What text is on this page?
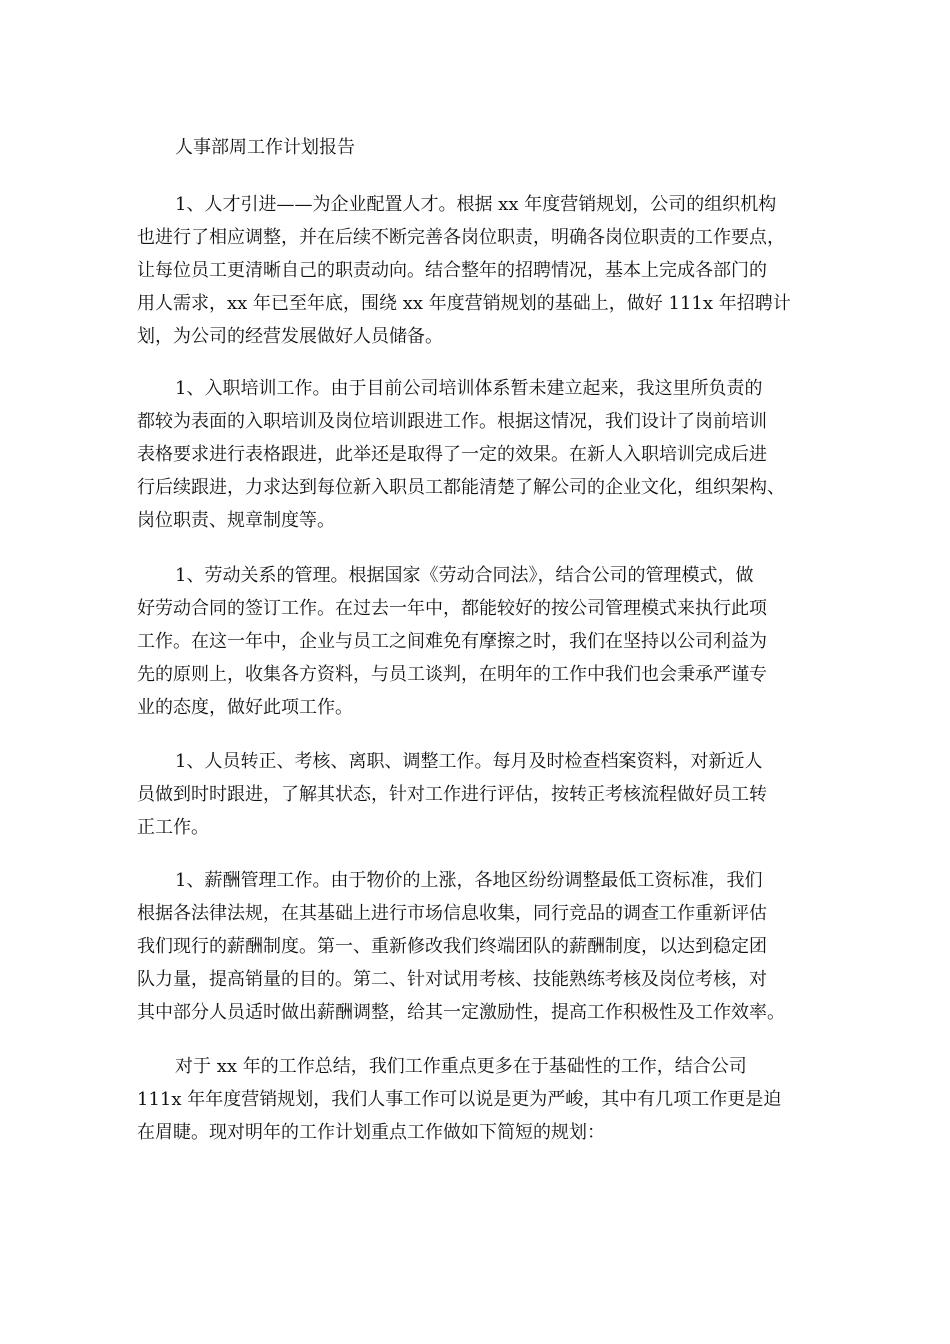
人事部周工作计划报告
1、人才引进——为企业配置人才。根据 xx 年度营销规划，公司的组织机构
也进行了相应调整，并在后续不断完善各岗位职责，明确各岗位职责的工作要点，
让每位员工更清晰自己的职责动向。结合整年的招聘情况，基本上完成各部门的
用人需求，xx 年已至年底，围绕 xx 年度营销规划的基础上，做好 111x 年招聘计
划，为公司的经营发展做好人员储备。
1、入职培训工作。由于目前公司培训体系暂未建立起来，我这里所负责的
都较为表面的入职培训及岗位培训跟进工作。根据这情况，我们设计了岗前培训
表格要求进行表格跟进，此举还是取得了一定的效果。在新人入职培训完成后进
行后续跟进，力求达到每位新入职员工都能清楚了解公司的企业文化，组织架构、
岗位职责、规章制度等。
1、劳动关系的管理。根据国家《劳动合同法》，结合公司的管理模式，做
好劳动合同的签订工作。在过去一年中，都能较好的按公司管理模式来执行此项
工作。在这一年中，企业与员工之间难免有摩擦之时，我们在坚持以公司利益为
先的原则上，收集各方资料，与员工谈判，在明年的工作中我们也会秉承严谨专
业的态度，做好此项工作。
1、人员转正、考核、离职、调整工作。每月及时检查档案资料，对新近人
员做到时时跟进，了解其状态，针对工作进行评估，按转正考核流程做好员工转
正工作。
1、薪酬管理工作。由于物价的上涨，各地区纷纷调整最低工资标准，我们
根据各法律法规，在其基础上进行市场信息收集，同行竞品的调查工作重新评估
我们现行的薪酬制度。第一、重新修改我们终端团队的薪酬制度，以达到稳定团
队力量，提高销量的目的。第二、针对试用考核、技能熟练考核及岗位考核，对
其中部分人员适时做出薪酬调整，给其一定激励性，提高工作积极性及工作效率。
对于 xx 年的工作总结，我们工作重点更多在于基础性的工作，结合公司
111x 年年度营销规划，我们人事工作可以说是更为严峻，其中有几项工作更是迫
在眉睫。现对明年的工作计划重点工作做如下简短的规划：
